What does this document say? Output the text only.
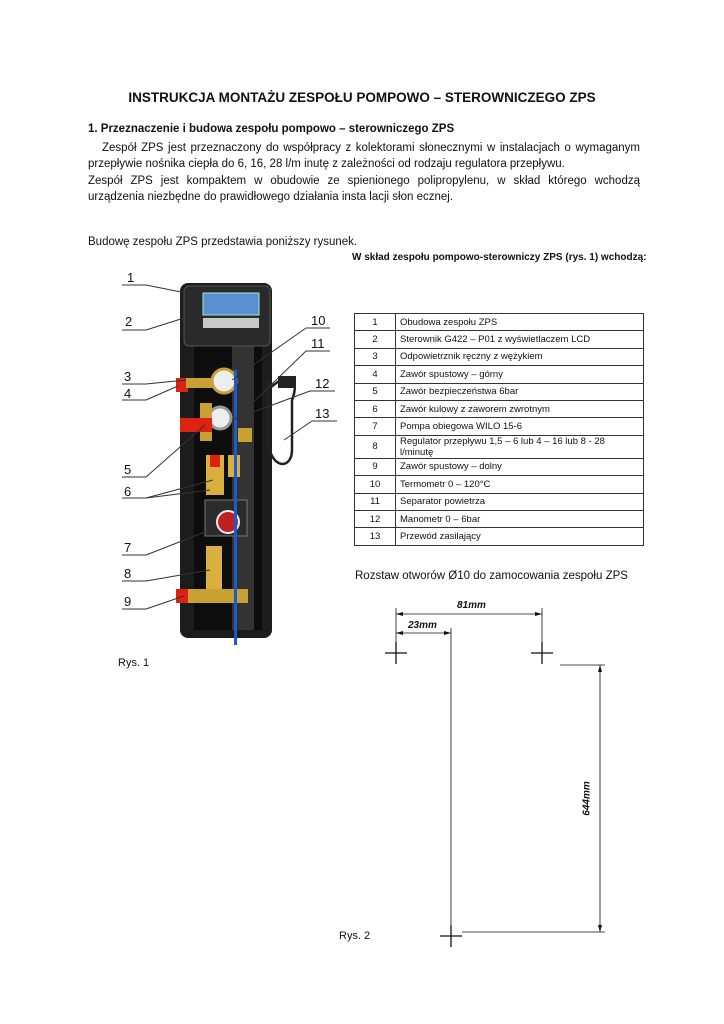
INSTRUKCJA MONTAŻU ZESPOŁU POMPOWO – STEROWNICZEGO ZPS
1. Przeznaczenie i budowa zespołu pompowo – sterowniczego ZPS
Zespół ZPS jest przeznaczony do współpracy z kolektorami słonecznymi w instalacjach o wymaganym przepływie nośnika ciepła do 6, 16, 28 l/m inutę z zależności od rodzaju regulatora przepływu.
Zespół ZPS jest kompaktem w obudowie ze spienionego polipropylenu, w skład którego wchodzą urządzenia niezbędne do prawidłowego działania insta lacji słon ecznej.
Budowę zespołu ZPS przedstawia poniższy rysunek.
W skład zespołu pompowo-sterowniczy ZPS (rys. 1) wchodzą:
1	Obudowa zespołu ZPS
2	Sterownik G422 – P01 z wyświetlaczem LCD
3	Odpowietrznik ręczny z wężykiem
4	Zawór spustowy – górny
5	Zawór bezpieczeństwa 6bar
6	Zawór kulowy z zaworem zwrotnym
7	Pompa obiegowa WILO 15-6
8	Regulator przepływu 1,5 – 6 lub 4 – 16 lub 8 - 28 l/minutę
9	Zawór spustowy – dolny
10	Termometr 0 – 120°C
11	Separator powietrza
12	Manometr 0 – 6bar
13	Przewód zasilający
Rozstaw otworów Ø10 do zamocowania zespołu ZPS
Rys. 1
Rys. 2
1
2
3
4
5
6
7
8
9
10
11
12
13
81mm
23mm
644mm
